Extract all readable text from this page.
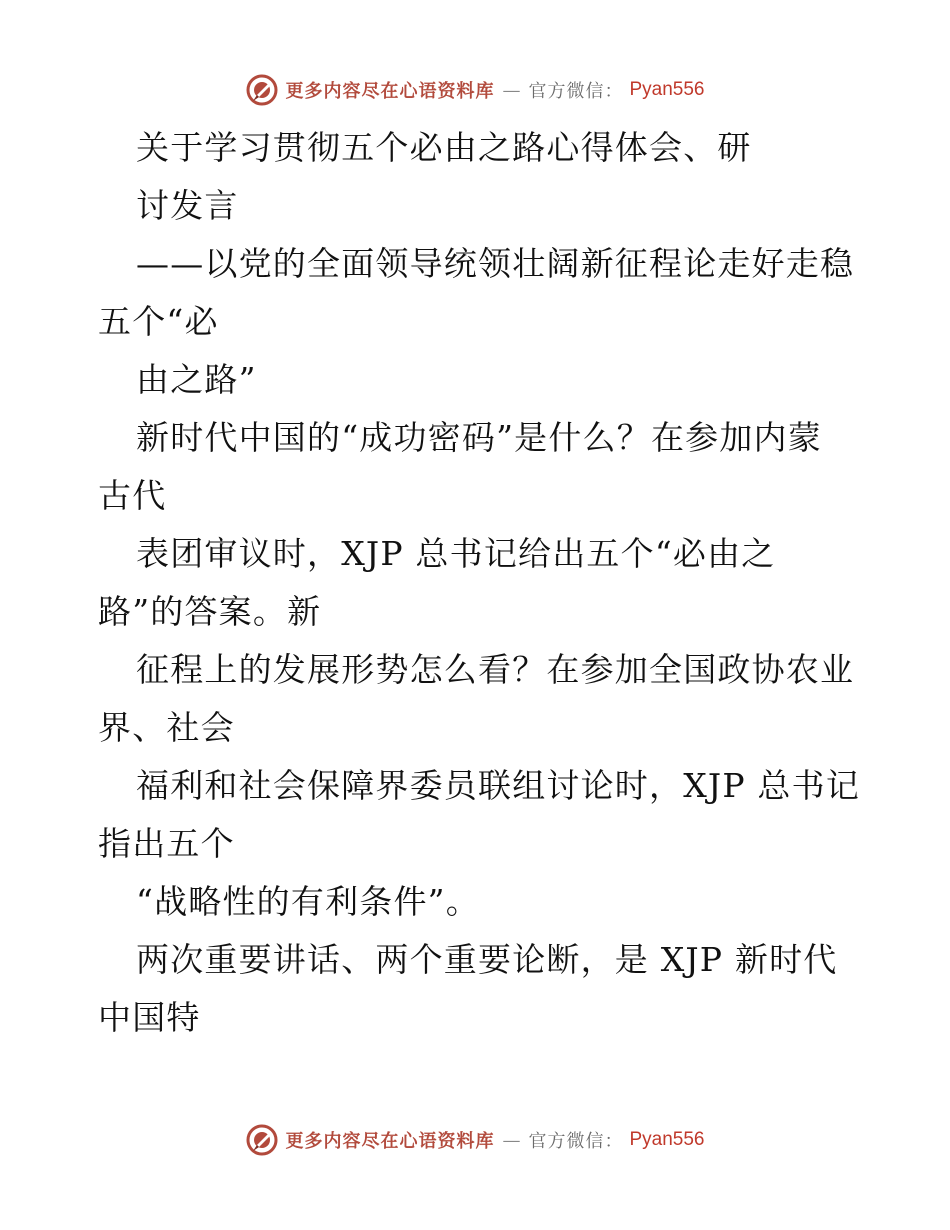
更多内容尽在心语资料库 — 官方微信： Pyan556
关于学习贯彻五个必由之路心得体会、研
讨发言
——以党的全面领导统领壮阔新征程论走好走稳
五个“必
由之路”
新时代中国的“成功密码”是什么？在参加内蒙
古代
表团审议时，XJP 总书记给出五个“必由之
路”的答案。新
征程上的发展形势怎么看？在参加全国政协农业
界、社会
福利和社会保障界委员联组讨论时，XJP 总书记
指出五个
“战略性的有利条件”。
两次重要讲话、两个重要论断，是 XJP 新时代
中国特
更多内容尽在心语资料库 — 官方微信： Pyan556
